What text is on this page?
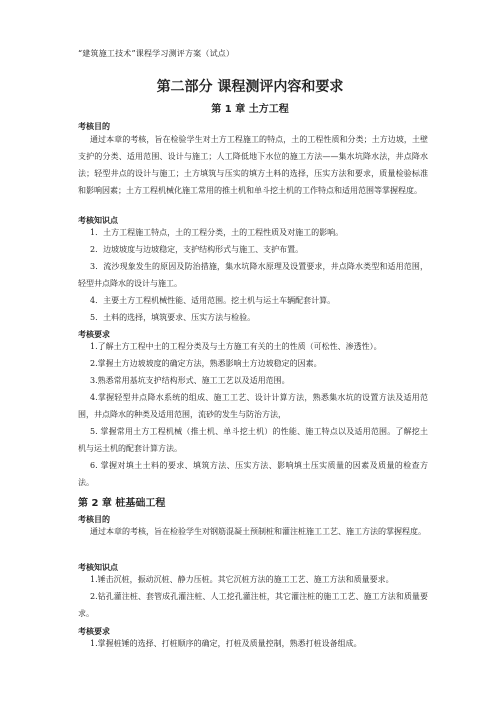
“建筑施工技术”课程学习测评方案（试点）
第二部分 课程测评内容和要求
第 1 章 土方工程
考核目的
通过本章的考核，旨在检验学生对土方工程施工的特点，土的工程性质和分类；土方边坡，土壁支护的分类、适用范围、设计与施工；人工降低地下水位的施工方法——集水坑降水法，井点降水法；轻型井点的设计与施工；土方填筑与压实的填方土料的选择，压实方法和要求，质量检验标准和影响因素；土方工程机械化施工常用的推土机和单斗挖土机的工作特点和适用范围等掌握程度。
考核知识点
1．土方工程施工特点，土的工程分类，土的工程性质及对施工的影响。
2．边坡坡度与边坡稳定，支护结构形式与施工、支护布置。
3．流沙现象发生的原因及防治措施，集水坑降水原理及设置要求，井点降水类型和适用范围，轻型井点降水的设计与施工。
4．主要土方工程机械性能、适用范围。挖土机与运土车辆配套计算。
5．土料的选择，填筑要求、压实方法与检验。
考核要求
1.了解土方工程中土的工程分类及与土方施工有关的土的性质（可松性、渗透性）。
2.掌握土方边坡坡度的确定方法，熟悉影响土方边坡稳定的因素。
3.熟悉常用基坑支护结构形式、施工工艺以及适用范围。
4.掌握轻型井点降水系统的组成、施工工艺、设计计算方法，熟悉集水坑的设置方法及适用范围，井点降水的种类及适用范围，流砂的发生与防治方法，
5. 掌握常用土方工程机械（推土机、单斗挖土机）的性能、施工特点以及适用范围。了解挖土机与运土机的配套计算方法。
6. 掌握对填土土料的要求、填筑方法、压实方法、影响填土压实质量的因素及质量的检查方法。
第 2 章 桩基础工程
考核目的
通过本章的考核，旨在检验学生对钢筋混凝土预制桩和灌注桩施工工艺、施工方法的掌握程度。
考核知识点
1.锤击沉桩，振动沉桩、静力压桩。其它沉桩方法的施工工艺、施工方法和质量要求。
2.钻孔灌注桩、套管成孔灌注桩、人工挖孔灌注桩，其它灌注桩的施工工艺、施工方法和质量要求。
考核要求
1.掌握桩锤的选择、打桩顺序的确定，打桩及质量控制，熟悉打桩设备组成。
